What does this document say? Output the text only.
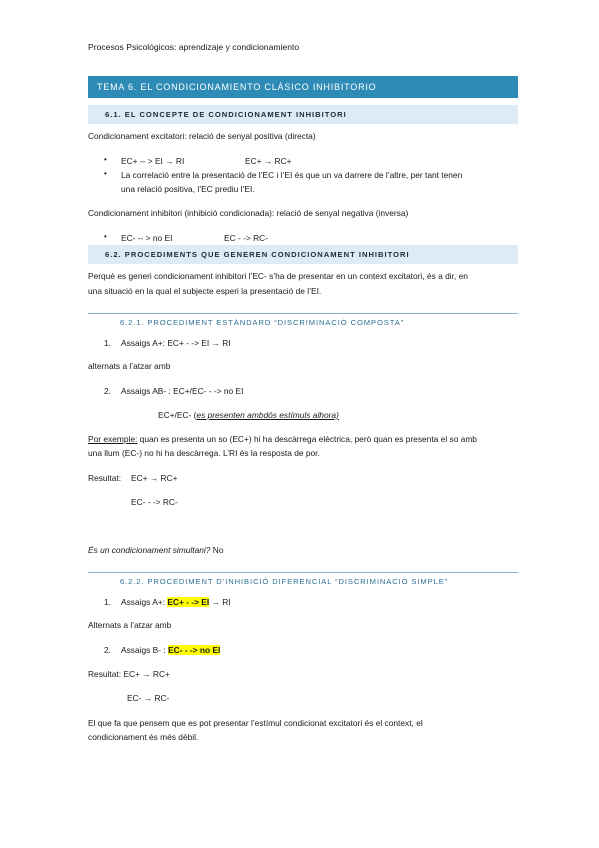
Procesos Psicológicos: aprendizaje y condicionamiento
TEMA 6. EL CONDICIONAMIENTO CLÁSICO INHIBITORIO
6.1. EL CONCEPTE DE CONDICIONAMENT INHIBITORI
Condicionament excitatori: relació de senyal positiva (directa)
• EC+ -- > EI → RI	EC+ → RC+
• La correlació entre la presentació de l’EC i l’EI és que un va darrere de l’altre, per tant tenen
una relació positiva, l’EC prediu l’EI.
Condicionament inhibitori (inhibició condicionada): relació de senyal negativa (inversa)
• EC- -- > no EI	EC - -> RC-
6.2. PROCEDIMENTS QUE GENEREN CONDICIONAMENT INHIBITORI
Perquè es generi condicionament inhibitori l’EC- s’ha de presentar en un context excitatori, és a dir, en
una situació en la qual el subjecte esperi la presentació de l’EI.
6.2.1. PROCEDIMENT ESTÀNDARD “DISCRIMINACIÓ COMPOSTA”
1. Assaigs A+: EC+ - -> EI → RI
alternats a l’atzar amb
2. Assaigs AB- : EC+/EC- - -> no EI
EC+/EC- (es presenten ambdós estímuls alhora)
Por exemple: quan es presenta un so (EC+) hi ha descàrrega elèctrica, però quan es presenta el so amb
una llum (EC-) no hi ha descàrrega. L’RI és la resposta de por.
Resultat: EC+ → RC+
EC- - -> RC-
És un condicionament simultani? No
6.2.2. PROCEDIMENT D’INHIBICIÓ DIFERENCIAL “DISCRIMINACIÓ SIMPLE”
1. Assaigs A+: EC+ - -> EI → RI
Alternats a l’atzar amb
2. Assaigs B- : EC- - -> no EI
Resultat: EC+ → RC+
EC- → RC-
El que fa que pensem que es pot presentar l’estímul condicionat excitatori és el context, el
condicionament és més dèbil.
